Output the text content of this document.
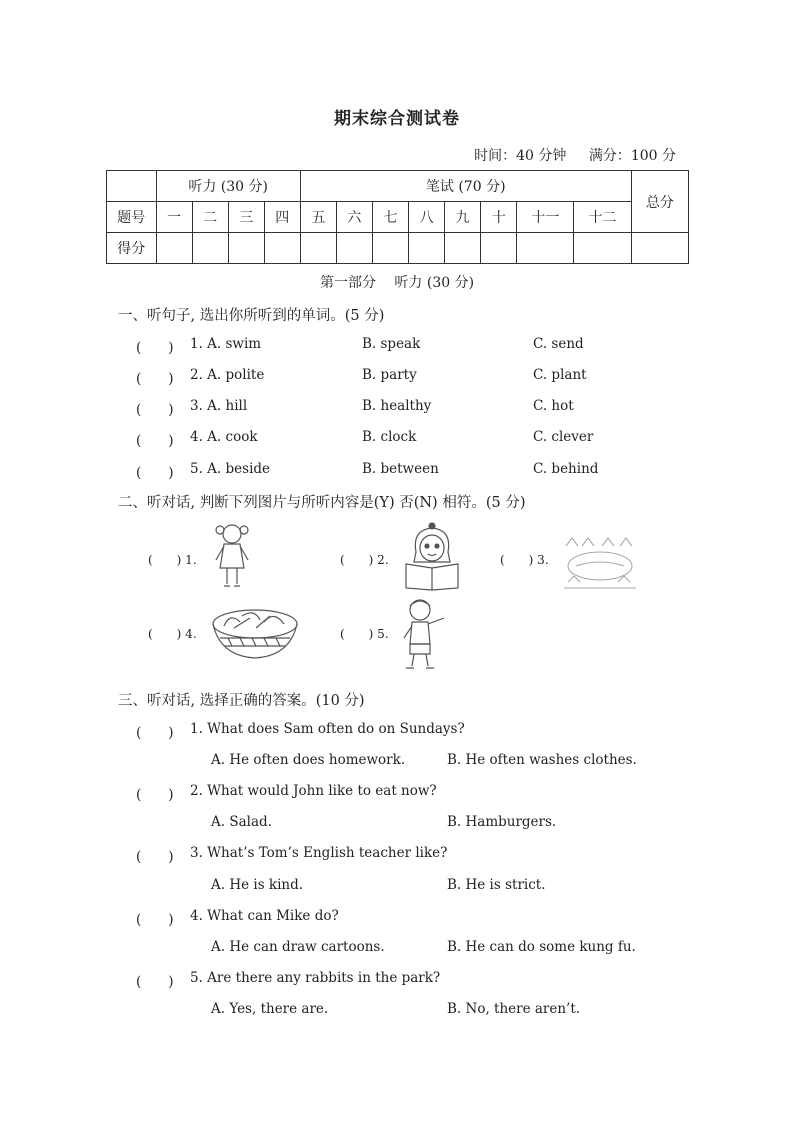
期末综合测试卷
时间：40 分钟 满分：100 分
	听力 (30 分)				笔试 (70 分)								总分
题号	一	二	三	四	五	六	七	八	九	十	十一	十二	
得分													
第一部分　 听力 (30 分)
一、听句子, 选出你所听到的单词。(5 分)
(　　) 1. A. swim	B. speak	C. send
(　　) 2. A. polite	B. party	C. plant
(　　) 3. A. hill	B. healthy	C. hot
(　　) 4. A. cook	B. clock	C. clever
(　　) 5. A. beside	B. between	C. behind
二、听对话, 判断下列图片与所听内容是(Y) 否(N) 相符。(5 分)
(　　) 1.	(　　) 2.	(　　) 3.
(　　) 4.	(　　) 5.
三、听对话, 选择正确的答案。(10 分)
(　　) 1. What does Sam often do on Sundays?
A. He often does homework.	B. He often washes clothes.
(　　) 2. What would John like to eat now?
A. Salad.	B. Hamburgers.
(　　) 3. What’s Tom’s English teacher like?
A. He is kind.	B. He is strict.
(　　) 4. What can Mike do?
A. He can draw cartoons.	B. He can do some kung fu.
(　　) 5. Are there any rabbits in the park?
A. Yes, there are.	B. No, there aren’t.
